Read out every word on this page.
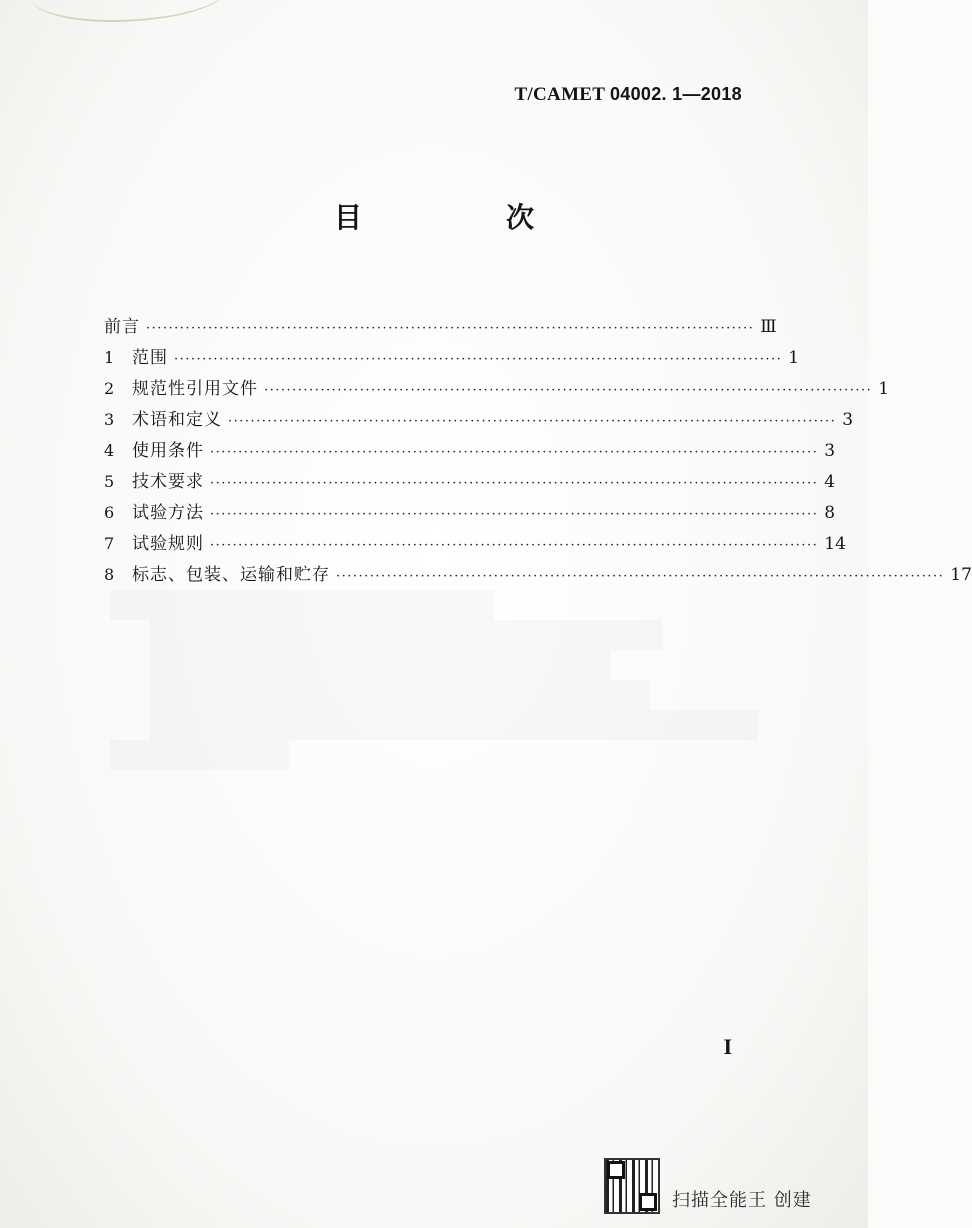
T/CAMET 04002. 1—2018
目　次
前言 ············································································································ Ⅲ
1	范围 ············································································································ 1
2	规范性引用文件 ············································································································ 1
3	术语和定义 ············································································································ 3
4	使用条件 ············································································································ 3
5	技术要求 ············································································································ 4
6	试验方法 ············································································································ 8
7	试验规则 ············································································································ 14
8	标志、包装、运输和贮存 ············································································································ 17
I
扫描全能王 创建
